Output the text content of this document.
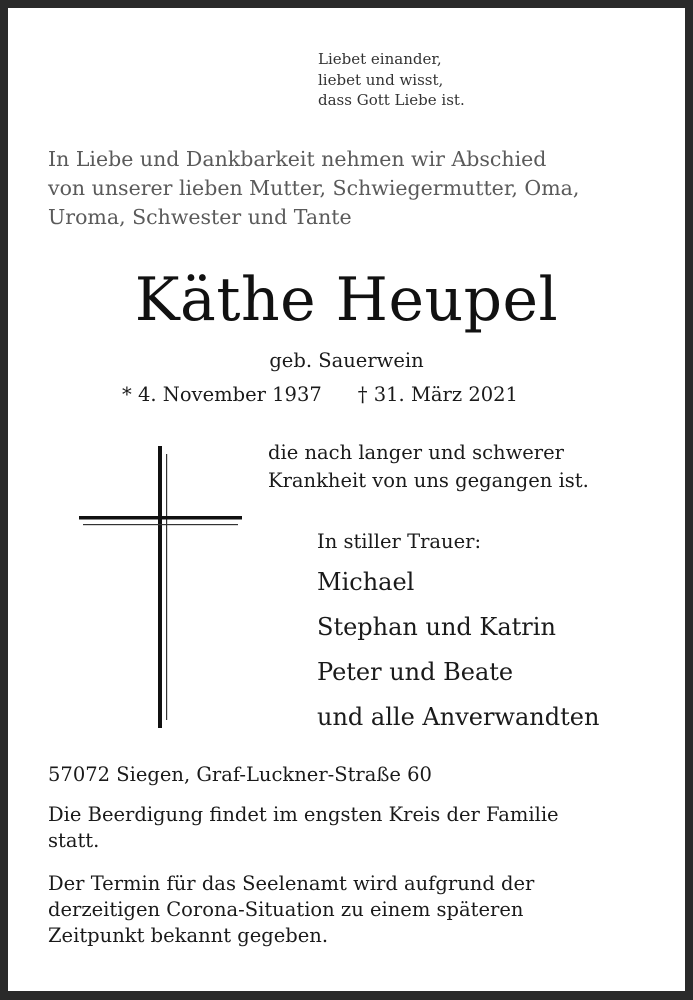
Liebet einander,
liebet und wisst,
dass Gott Liebe ist.
In Liebe und Dankbarkeit nehmen wir Abschied
von unserer lieben Mutter, Schwiegermutter, Oma,
Uroma, Schwester und Tante
Käthe Heupel
geb. Sauerwein
* 4. November 1937 † 31. März 2021
die nach langer und schwerer
Krankheit von uns gegangen ist.
In stiller Trauer:
Michael
Stephan und Katrin
Peter und Beate
und alle Anverwandten
57072 Siegen, Graf-Luckner-Straße 60
Die Beerdigung findet im engsten Kreis der Familie
statt.
Der Termin für das Seelenamt wird aufgrund der
derzeitigen Corona-Situation zu einem späteren
Zeitpunkt bekannt gegeben.
